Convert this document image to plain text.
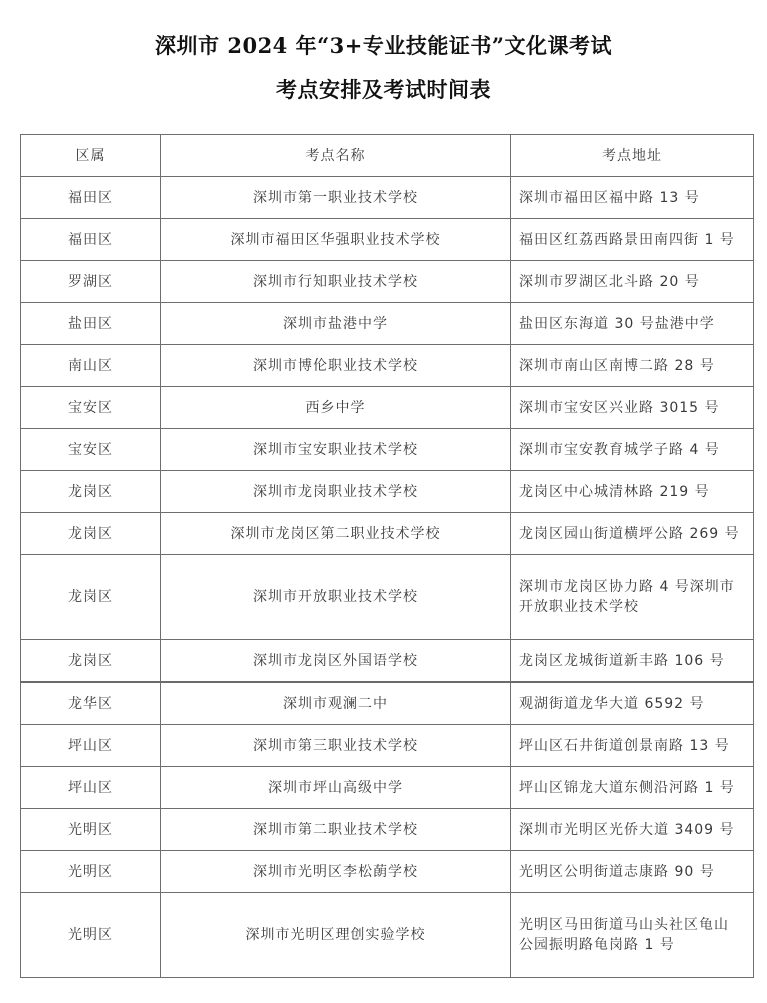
深圳市 2024 年“3+专业技能证书”文化课考试
考点安排及考试时间表
区属	考点名称	考点地址
福田区	深圳市第一职业技术学校	深圳市福田区福中路 13 号
福田区	深圳市福田区华强职业技术学校	福田区红荔西路景田南四街 1 号
罗湖区	深圳市行知职业技术学校	深圳市罗湖区北斗路 20 号
盐田区	深圳市盐港中学	盐田区东海道 30 号盐港中学
南山区	深圳市博伦职业技术学校	深圳市南山区南博二路 28 号
宝安区	西乡中学	深圳市宝安区兴业路 3015 号
宝安区	深圳市宝安职业技术学校	深圳市宝安教育城学子路 4 号
龙岗区	深圳市龙岗职业技术学校	龙岗区中心城清林路 219 号
龙岗区	深圳市龙岗区第二职业技术学校	龙岗区园山街道横坪公路 269 号
龙岗区	深圳市开放职业技术学校	深圳市龙岗区协力路 4 号深圳市
开放职业技术学校

龙岗区	深圳市龙岗区外国语学校	龙岗区龙城街道新丰路 106 号
龙华区	深圳市观澜二中	观湖街道龙华大道 6592 号
坪山区	深圳市第三职业技术学校	坪山区石井街道创景南路 13 号
坪山区	深圳市坪山高级中学	坪山区锦龙大道东侧沿河路 1 号
光明区	深圳市第二职业技术学校	深圳市光明区光侨大道 3409 号
光明区	深圳市光明区李松蓢学校	光明区公明街道志康路 90 号
光明区	深圳市光明区理创实验学校	光明区马田街道马山头社区龟山
公园振明路龟岗路 1 号
